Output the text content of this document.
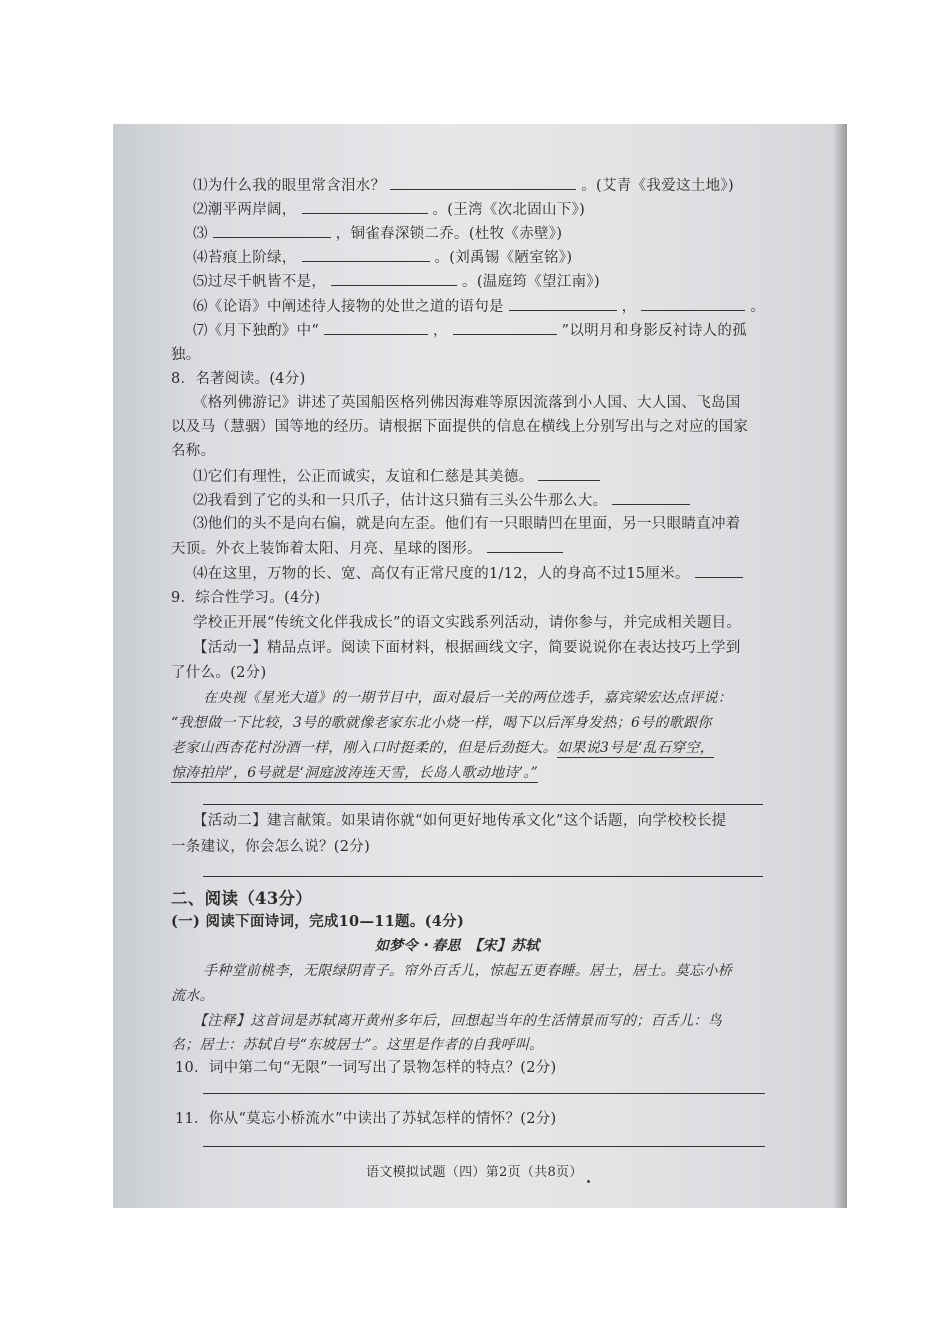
⑴为什么我的眼里常含泪水？	。(艾青《我爱这土地》)
⑵潮平两岸阔，	。(王湾《次北固山下》)
⑶	，铜雀春深锁二乔。(杜牧《赤壁》)
⑷苔痕上阶绿，	。(刘禹锡《陋室铭》)
⑸过尽千帆皆不是，	。(温庭筠《望江南》)
⑹《论语》中阐述待人接物的处世之道的语句是	，	。
⑺《月下独酌》中“	，	”以明月和身影反衬诗人的孤
独。
8．名著阅读。(4分)
《格列佛游记》讲述了英国船医格列佛因海难等原因流落到小人国、大人国、飞岛国
以及马（慧骃）国等地的经历。请根据下面提供的信息在横线上分别写出与之对应的国家
名称。
⑴它们有理性，公正而诚实，友谊和仁慈是其美德。
⑵我看到了它的头和一只爪子，估计这只猫有三头公牛那么大。
⑶他们的头不是向右偏，就是向左歪。他们有一只眼睛凹在里面，另一只眼睛直冲着
天顶。外衣上装饰着太阳、月亮、星球的图形。
⑷在这里，万物的长、宽、高仅有正常尺度的1/12，人的身高不过15厘米。
9．综合性学习。(4分)
学校正开展“传统文化伴我成长”的语文实践系列活动，请你参与，并完成相关题目。
【活动一】精品点评。阅读下面材料，根据画线文字，简要说说你在表达技巧上学到
了什么。(2分)
在央视《星光大道》的一期节目中，面对最后一关的两位选手，嘉宾梁宏达点评说：
“我想做一下比较，3号的歌就像老家东北小烧一样，喝下以后浑身发热；6号的歌跟你
老家山西杏花村汾酒一样，刚入口时挺柔的，但是后劲挺大。如果说3号是‘乱石穿空，
惊涛拍岸’，6号就是‘洞庭波涛连天雪，长岛人歌动地诗’。”
【活动二】建言献策。如果请你就“如何更好地传承文化”这个话题，向学校校长提
一条建议，你会怎么说？(2分)
二、阅读（43分）
(一) 阅读下面诗词，完成10—11题。(4分)
如梦令・春思　【宋】苏轼
手种堂前桃李，无限绿阴青子。帘外百舌儿，惊起五更春睡。居士，居士。莫忘小桥
流水。
【注释】这首词是苏轼离开黄州多年后，回想起当年的生活情景而写的；百舌儿：鸟
名；居士：苏轼自号“东坡居士”。这里是作者的自我呼叫。
10．词中第二句“无限”一词写出了景物怎样的特点？(2分)
11．你从“莫忘小桥流水”中读出了苏轼怎样的情怀？(2分)
语文模拟试题（四）第2页（共8页）
